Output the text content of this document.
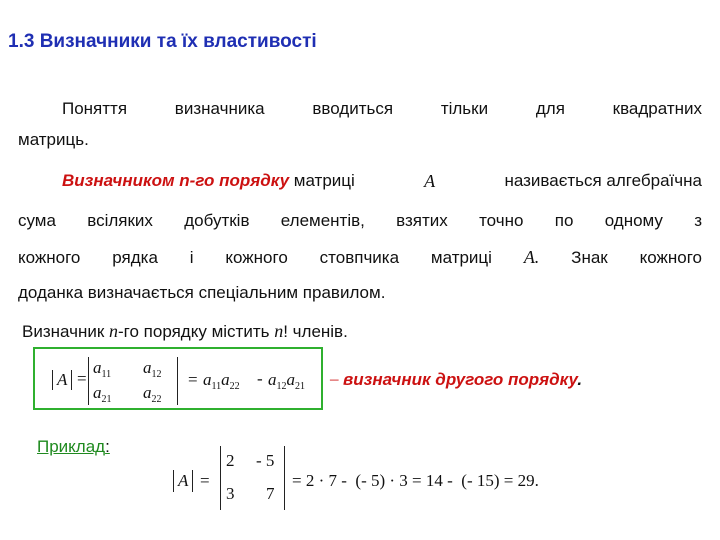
1.3 Визначники та їх властивості
Поняття	визначника	вводиться	тільки	для	квадратних
матриць.
Визначником n-го порядку матриці	A	називається алгебраїчна
сума всіляких добутків елементів, взятих точно по одному з
кожного рядка і кожного стовпчика матриці A. Знак кожного
доданка визначається спеціальним правилом.
Визначник n-го порядку містить n! членів.
A =
$a_{11}$ $a_{12}$
$a_{21}$ $a_{22}$
= $a_{11}a_{22} - a_{12}a_{21}$ – визначник другого порядку.
Приклад:
A =
2 - 5
3 7
= 2 · 7 -  (- 5) · 3 = 14 -  (- 15) = 29.
